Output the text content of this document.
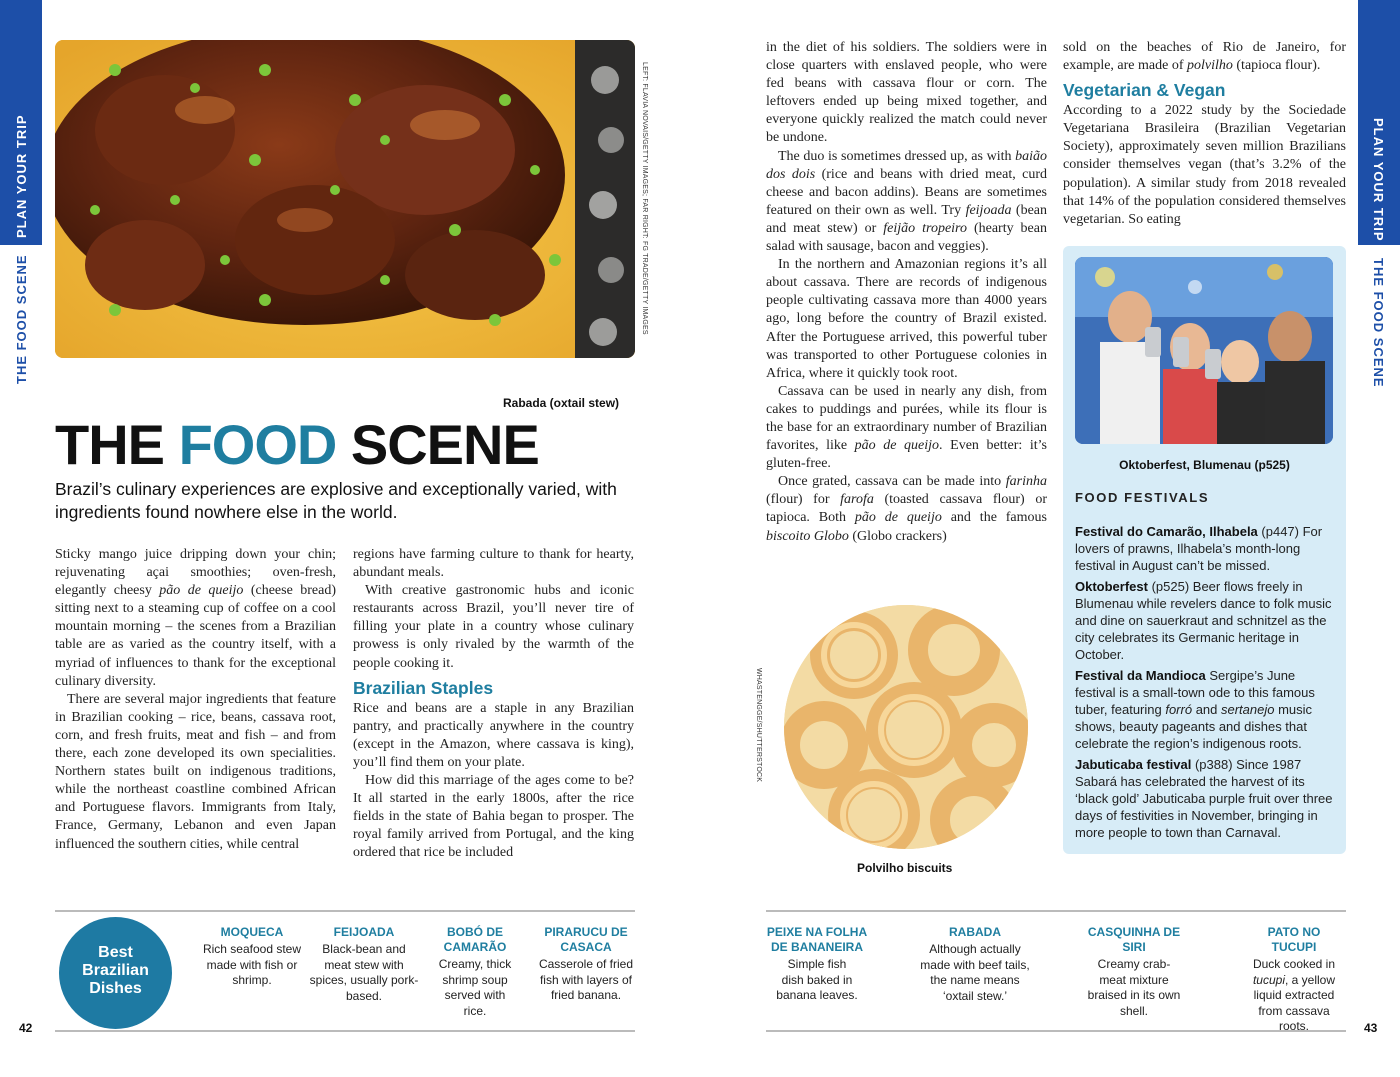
PLAN YOUR TRIP
THE FOOD SCENE
PLAN YOUR TRIP
THE FOOD SCENE
LEFT: FLAVIA NOVAIS/GETTY IMAGES; FAR RIGHT: FG TRADE/GETTY IMAGES
Rabada (oxtail stew)
THE FOOD SCENE
Brazil’s culinary experiences are explosive and exceptionally varied, with ingredients found nowhere else in the world.

Sticky mango juice dripping down your chin; rejuvenating açai smoothies; oven-fresh, elegantly cheesy pão de queijo (cheese bread) sitting next to a steaming cup of coffee on a cool mountain morning – the scenes from a Brazilian table are as varied as the country itself, with a myriad of influences to thank for the exceptional culinary diversity.

There are several major ingredients that feature in Brazilian cooking – rice, beans, cassava root, corn, and fresh fruits, meat and fish – and from there, each zone developed its own specialities. Northern states built on indigenous traditions, while the northeast coastline combined African and Portuguese flavors. Immigrants from Italy, France, Germany, Lebanon and even Japan influenced the southern cities, while central

regions have farming culture to thank for hearty, abundant meals.

With creative gastronomic hubs and iconic restaurants across Brazil, you’ll never tire of filling your plate in a country whose culinary prowess is only rivaled by the warmth of the people cooking it.

Brazilian Staples

Rice and beans are a staple in any Brazilian pantry, and practically anywhere in the country (except in the Amazon, where cassava is king), you’ll find them on your plate.

How did this marriage of the ages come to be? It all started in the early 1800s, after the rice fields in the state of Bahia began to prosper. The royal family arrived from Portugal, and the king ordered that rice be included

in the diet of his soldiers. The soldiers were in close quarters with enslaved people, who were fed beans with cassava flour or corn. The leftovers ended up being mixed together, and everyone quickly realized the match could never be undone.

The duo is sometimes dressed up, as with baião dos dois (rice and beans with dried meat, curd cheese and bacon addins). Beans are sometimes featured on their own as well. Try feijoada (bean and meat stew) or feijão tropeiro (hearty bean salad with sausage, bacon and veggies).

In the northern and Amazonian regions it’s all about cassava. There are records of indigenous people cultivating cassava more than 4000 years ago, long before the country of Brazil existed. After the Portuguese arrived, this powerful tuber was transported to other Portuguese colonies in Africa, where it quickly took root.

Cassava can be used in nearly any dish, from cakes to puddings and purées, while its flour is the base for an extraordinary number of Brazilian favorites, like pão de queijo. Even better: it’s gluten-free.

Once grated, cassava can be made into farinha (flour) for farofa (toasted cassava flour) or tapioca. Both pão de queijo and the famous biscoito Globo (Globo crackers)

sold on the beaches of Rio de Janeiro, for example, are made of polvilho (tapioca flour).

Vegetarian & Vegan

According to a 2022 study by the Sociedade Vegetariana Brasileira (Brazilian Vegetarian Society), approximately seven million Brazilians consider themselves vegan (that’s 3.2% of the population). A similar study from 2018 revealed that 14% of the population considered themselves vegetarian. So eating

Oktoberfest, Blumenau (p525)
FOOD FESTIVALS
Festival do Camarão, Ilhabela (p447) For lovers of prawns, Ilhabela’s month-long festival in August can’t be missed.
Oktoberfest (p525) Beer flows freely in Blumenau while revelers dance to folk music and dine on sauerkraut and schnitzel as the city celebrates its Germanic heritage in October.
Festival da Mandioca Sergipe’s June festival is a small-town ode to this famous tuber, featuring forró and sertanejo music shows, beauty pageants and dishes that celebrate the region’s indigenous roots.
Jabuticaba festival (p388) Since 1987 Sabará has celebrated the harvest of its ‘black gold’ Jabuticaba purple fruit over three days of festivities in November, bringing in more people to town than Carnaval.
WHASTENGGE/SHUTTERSTOCK
Polvilho biscuits
Best
Brazilian
Dishes
MOQUECA
Rich seafood stew made with fish or shrimp.
FEIJOADA
Black-bean and meat stew with spices, usually pork-based.
BOBÓ DE CAMARÃO
Creamy, thick shrimp soup served with rice.
PIRARUCU DE CASACA
Casserole of fried fish with layers of fried banana.
PEIXE NA FOLHA DE BANANEIRA
Simple fish dish baked in banana leaves.
RABADA
Although actually made with beef tails, the name means ‘oxtail stew.’
CASQUINHA DE SIRI
Creamy crab-meat mixture braised in its own shell.
PATO NO TUCUPI
Duck cooked in tucupi, a yellow liquid extracted from cassava roots.
42	43
